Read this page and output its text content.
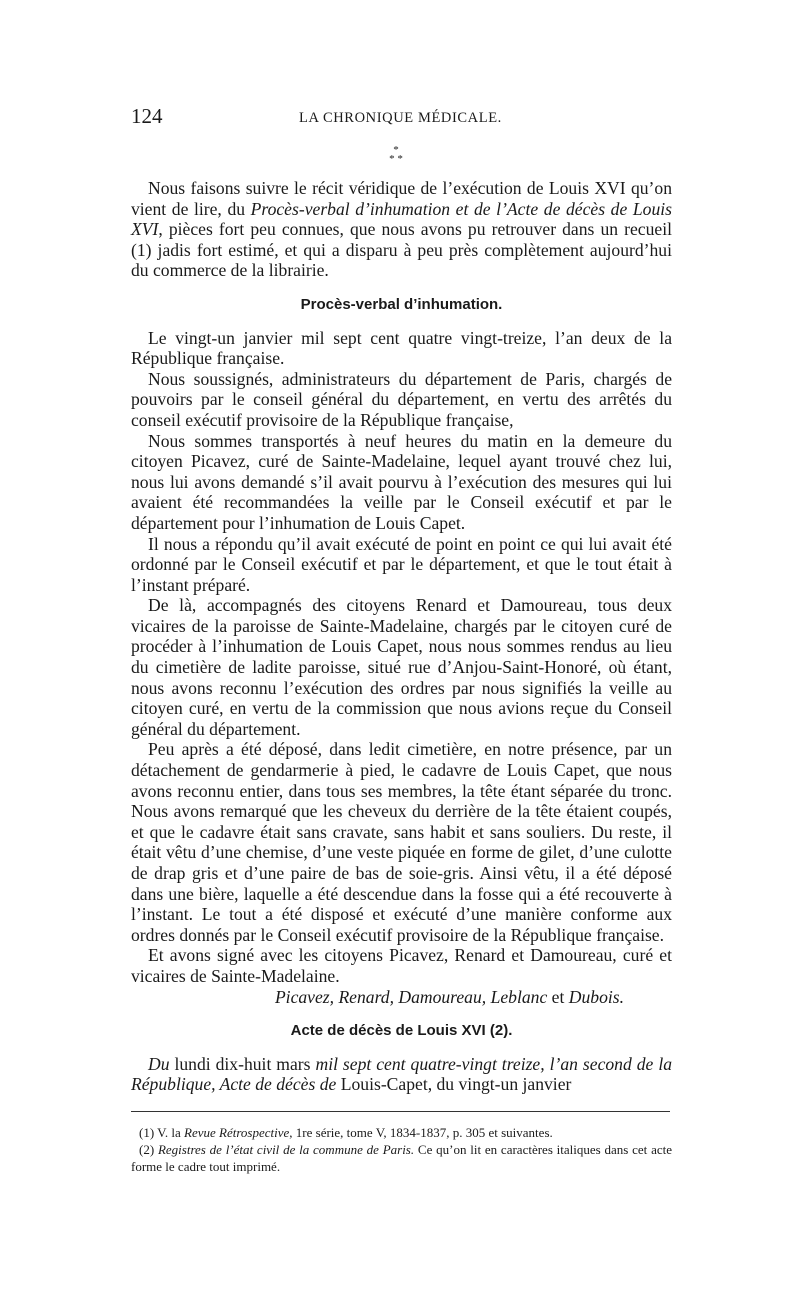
124	LA CHRONIQUE MÉDICALE.
*
* *

Nous faisons suivre le récit véridique de l’exécution de Louis XVI qu’on vient de lire, du Procès-verbal d’inhumation et de l’Acte de décès de Louis XVI, pièces fort peu connues, que nous avons pu retrouver dans un recueil (1) jadis fort estimé, et qui a disparu à peu près complètement aujourd’hui du commerce de la librairie.

Procès-verbal d’inhumation.

Le vingt-un janvier mil sept cent quatre vingt-treize, l’an deux de la République française.

Nous soussignés, administrateurs du département de Paris, chargés de pouvoirs par le conseil général du département, en vertu des arrêtés du conseil exécutif provisoire de la République française,

Nous sommes transportés à neuf heures du matin en la demeure du citoyen Picavez, curé de Sainte-Madelaine, lequel ayant trouvé chez lui, nous lui avons demandé s’il avait pourvu à l’exécution des mesures qui lui avaient été recommandées la veille par le Conseil exécutif et par le département pour l’inhumation de Louis Capet.

Il nous a répondu qu’il avait exécuté de point en point ce qui lui avait été ordonné par le Conseil exécutif et par le département, et que le tout était à l’instant préparé.

De là, accompagnés des citoyens Renard et Damoureau, tous deux vicaires de la paroisse de Sainte-Madelaine, chargés par le citoyen curé de procéder à l’inhumation de Louis Capet, nous nous sommes rendus au lieu du cimetière de ladite paroisse, situé rue d’Anjou-Saint-Honoré, où étant, nous avons reconnu l’exécution des ordres par nous signifiés la veille au citoyen curé, en vertu de la commission que nous avions reçue du Conseil général du département.

Peu après a été déposé, dans ledit cimetière, en notre présence, par un détachement de gendarmerie à pied, le cadavre de Louis Capet, que nous avons reconnu entier, dans tous ses membres, la tête étant séparée du tronc. Nous avons remarqué que les cheveux du derrière de la tête étaient coupés, et que le cadavre était sans cravate, sans habit et sans souliers. Du reste, il était vêtu d’une chemise, d’une veste piquée en forme de gilet, d’une culotte de drap gris et d’une paire de bas de soie-gris. Ainsi vêtu, il a été déposé dans une bière, laquelle a été descendue dans la fosse qui a été recouverte à l’instant. Le tout a été disposé et exécuté d’une manière conforme aux ordres donnés par le Conseil exécutif provisoire de la République française.

Et avons signé avec les citoyens Picavez, Renard et Damoureau, curé et vicaires de Sainte-Madelaine.

Picavez, Renard, Damoureau, Leblanc et Dubois.

Acte de décès de Louis XVI (2).

Du lundi dix-huit mars mil sept cent quatre-vingt treize, l’an second de la République, Acte de décès de Louis-Capet, du vingt-un janvier

(1) V. la Revue Rétrospective, 1re série, tome V, 1834-1837, p. 305 et suivantes.

(2) Registres de l’état civil de la commune de Paris. Ce qu’on lit en caractères italiques dans cet acte forme le cadre tout imprimé.
